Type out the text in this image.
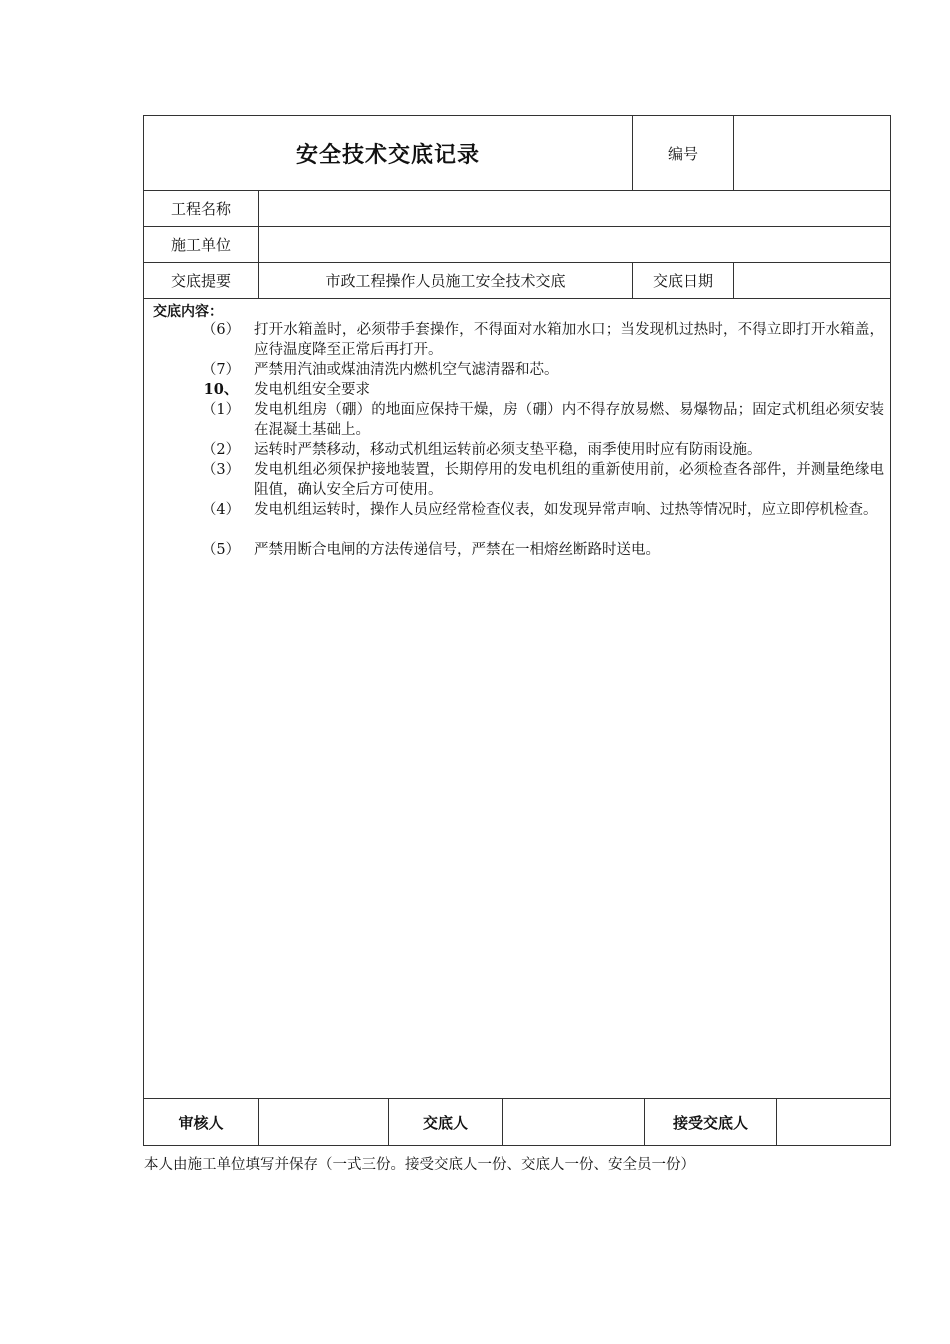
安全技术交底记录	编号
工程名称
施工单位
交底提要	市政工程操作人员施工安全技术交底	交底日期
交底内容：
（6） 打开水箱盖时，必须带手套操作，不得面对水箱加水口；当发现机过热时，不得立即打开水箱盖，应待温度降至正常后再打开。
（7） 严禁用汽油或煤油清洗内燃机空气滤清器和芯。
10、	发电机组安全要求
（1） 发电机组房（硼）的地面应保持干燥，房（硼）内不得存放易燃、易爆物品；固定式机组必须安装在混凝土基础上。
（2） 运转时严禁移动，移动式机组运转前必须支垫平稳，雨季使用时应有防雨设施。
（3） 发电机组必须保护接地装置，长期停用的发电机组的重新使用前，必须检查各部件，并测量绝缘电阻值，确认安全后方可使用。
（4） 发电机组运转时，操作人员应经常检查仪表，如发现异常声响、过热等情况时，应立即停机检查。
（5） 严禁用断合电闸的方法传递信号，严禁在一相熔丝断路时送电。
审核人	交底人	接受交底人
本人由施工单位填写并保存（一式三份。接受交底人一份、交底人一份、安全员一份）
